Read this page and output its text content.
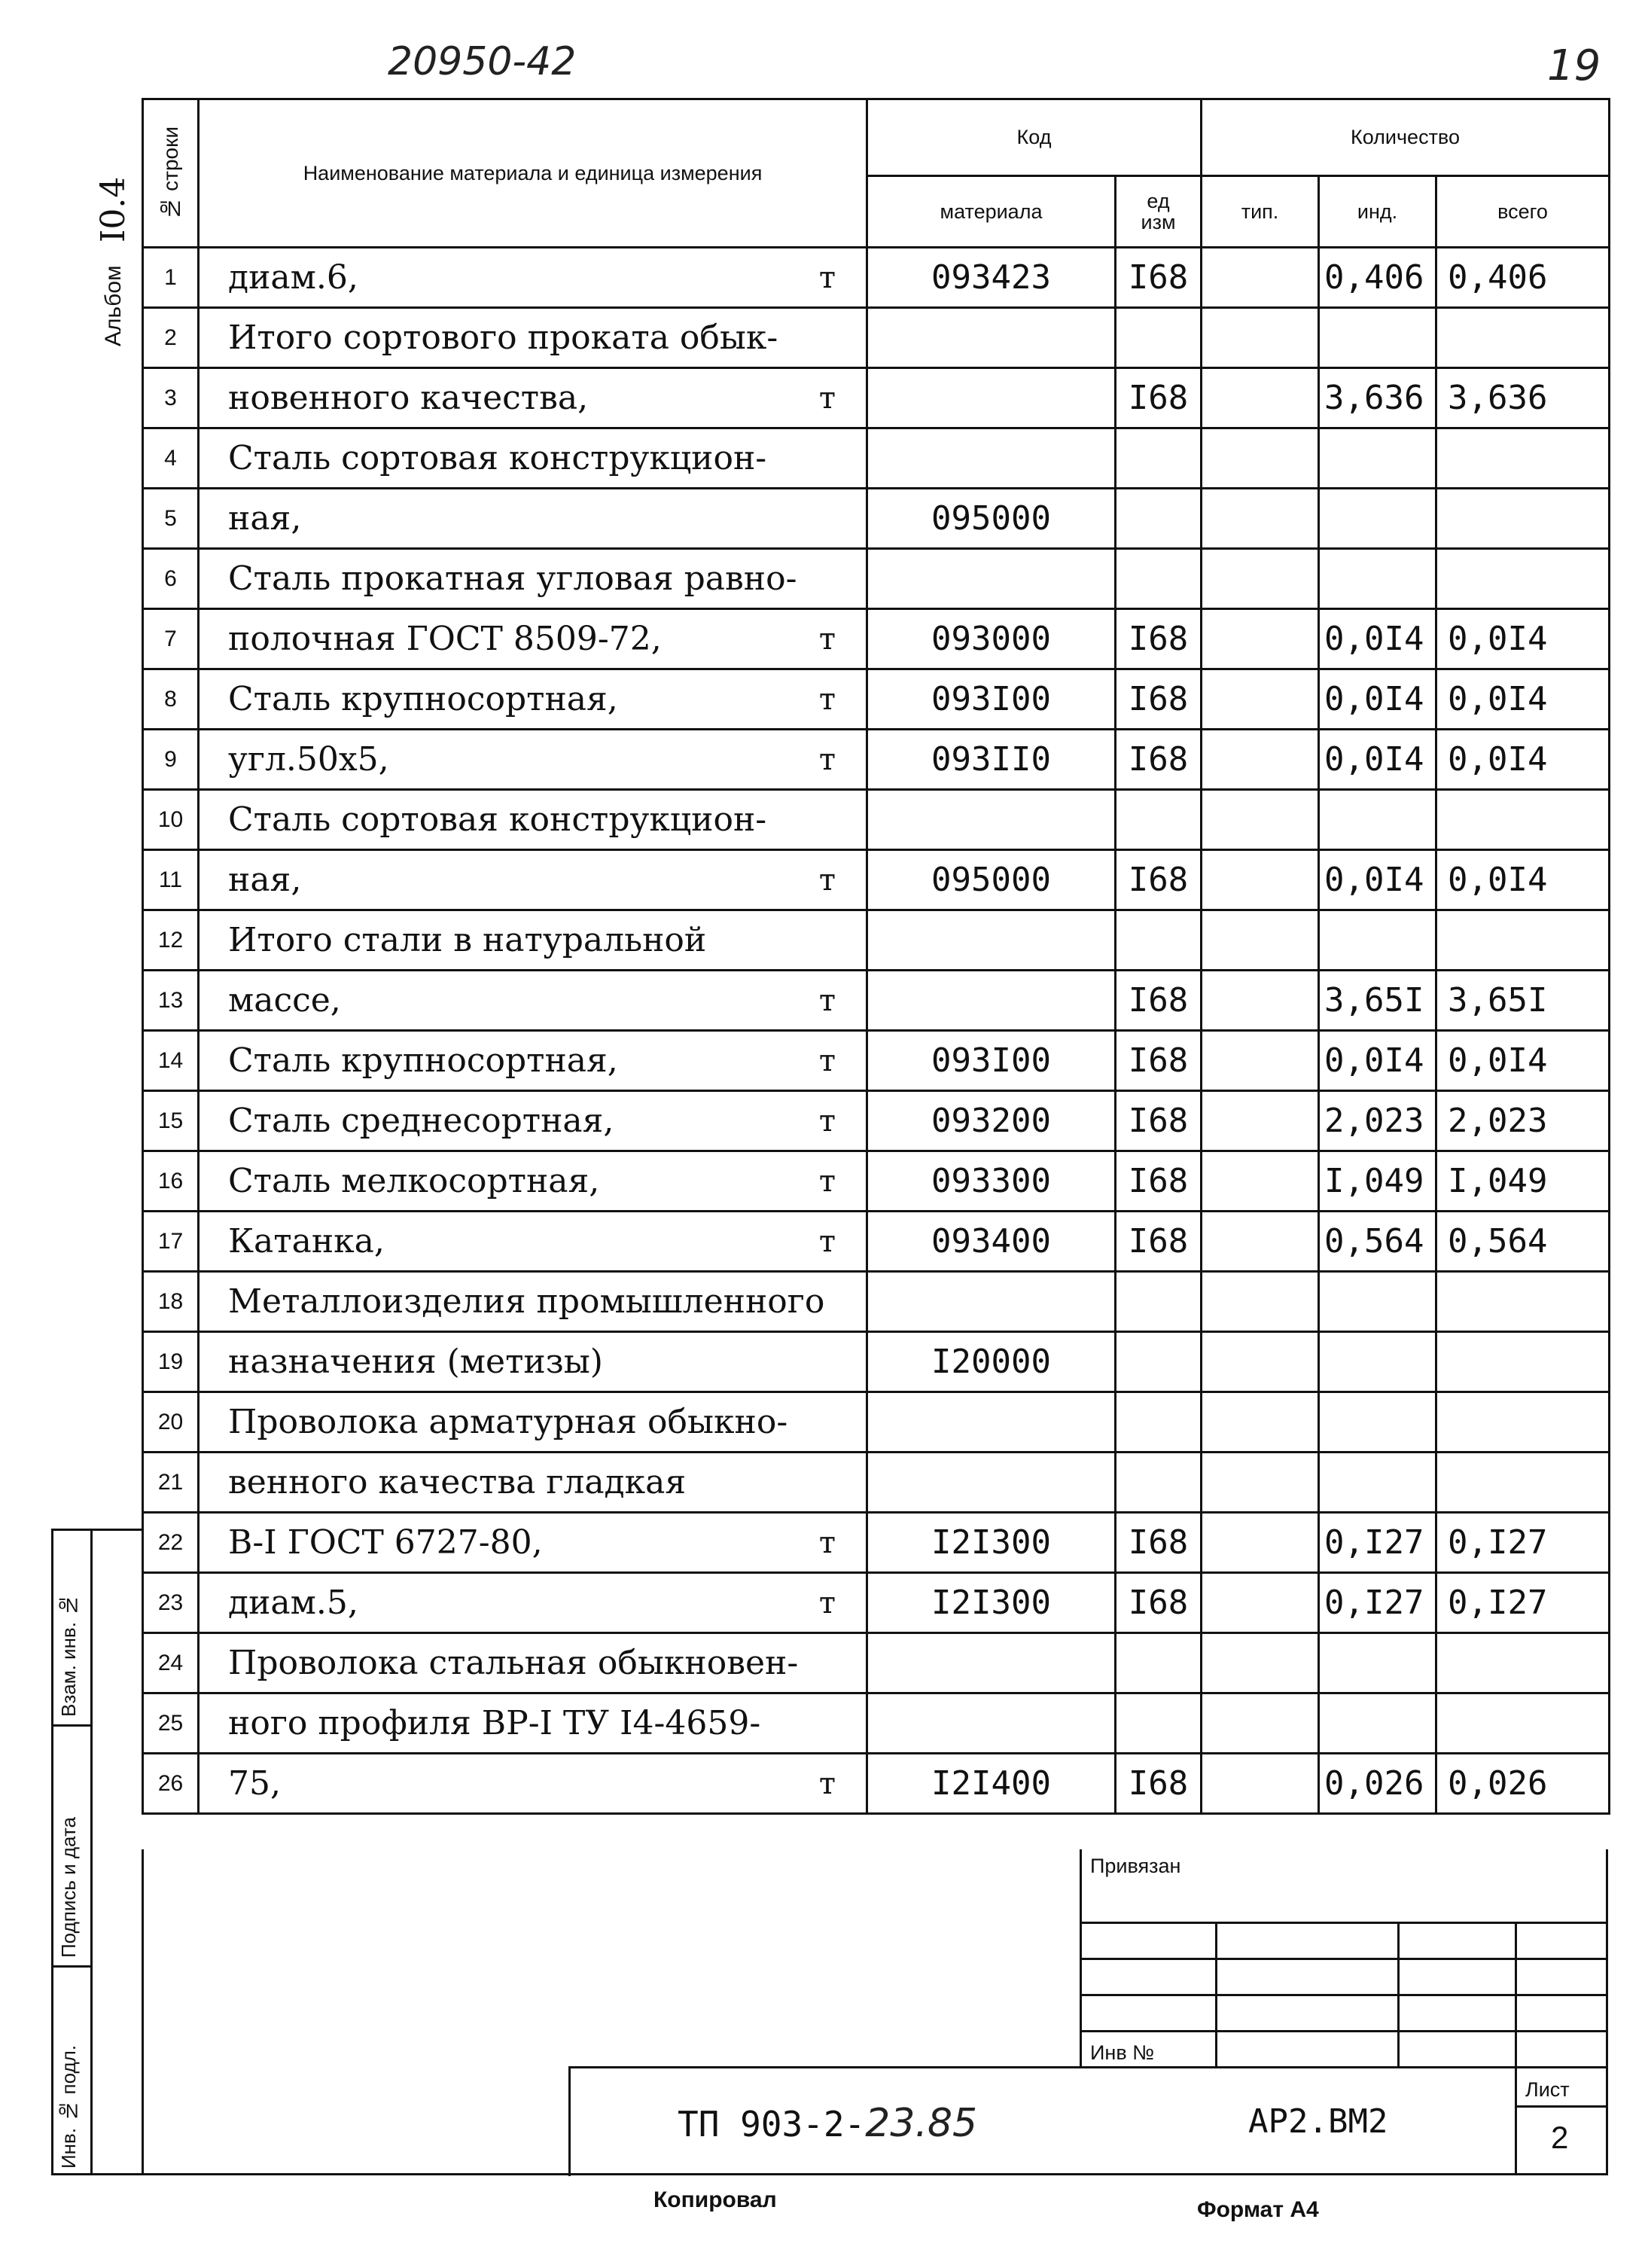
20950-42	19
Альбом I0.4 № строки	Наименование материала и единица измерения	Код		Количество		
		материала	ед изм	тип.	инд.	всего
1	диам.6, т	093423	I68		0,406	0,406
2	Итого сортового проката обык-

3	новенного качества, т		I68		3,636	3,636
4	Сталь сортовая конструкцион-

5	ная,	095000				
6	Сталь прокатная угловая равно-

7	полочная ГОСТ 8509-72, т	093000	I68		0,0I4	0,0I4
8	Сталь крупносортная, т	093I00	I68		0,0I4	0,0I4
9	угл.50х5, т	093II0	I68		0,0I4	0,0I4
10	Сталь сортовая конструкцион-

11	ная, т	095000	I68		0,0I4	0,0I4
12	Итого стали в натуральной

13	массе, т		I68		3,65I	3,65I
14	Сталь крупносортная, т	093I00	I68		0,0I4	0,0I4
15	Сталь среднесортная, т	093200	I68		2,023	2,023
16	Сталь мелкосортная, т	093300	I68		I,049	I,049
17	Катанка, т	093400	I68		0,564	0,564
18	Металлоизделия промышленного

19	назначения (метизы)	I20000				
20	Проволока арматурная обыкно-

21	венного качества гладкая

22	В-I ГОСТ 6727-80, т	I2I300	I68		0,I27	0,I27
23	диам.5, т	I2I300	I68		0,I27	0,I27
24	Проволока стальная обыкновен-

25	ного профиля ВР-I ТУ I4-4659-

26	75, т	I2I400	I68		0,026	0,026
Привязан
Инв №
Лист
2
ТП 903-2-23.85	АР2.ВМ2
Взам. инв. №
Подпись и дата
Инв. № подл.
Копировал	Формат А4
